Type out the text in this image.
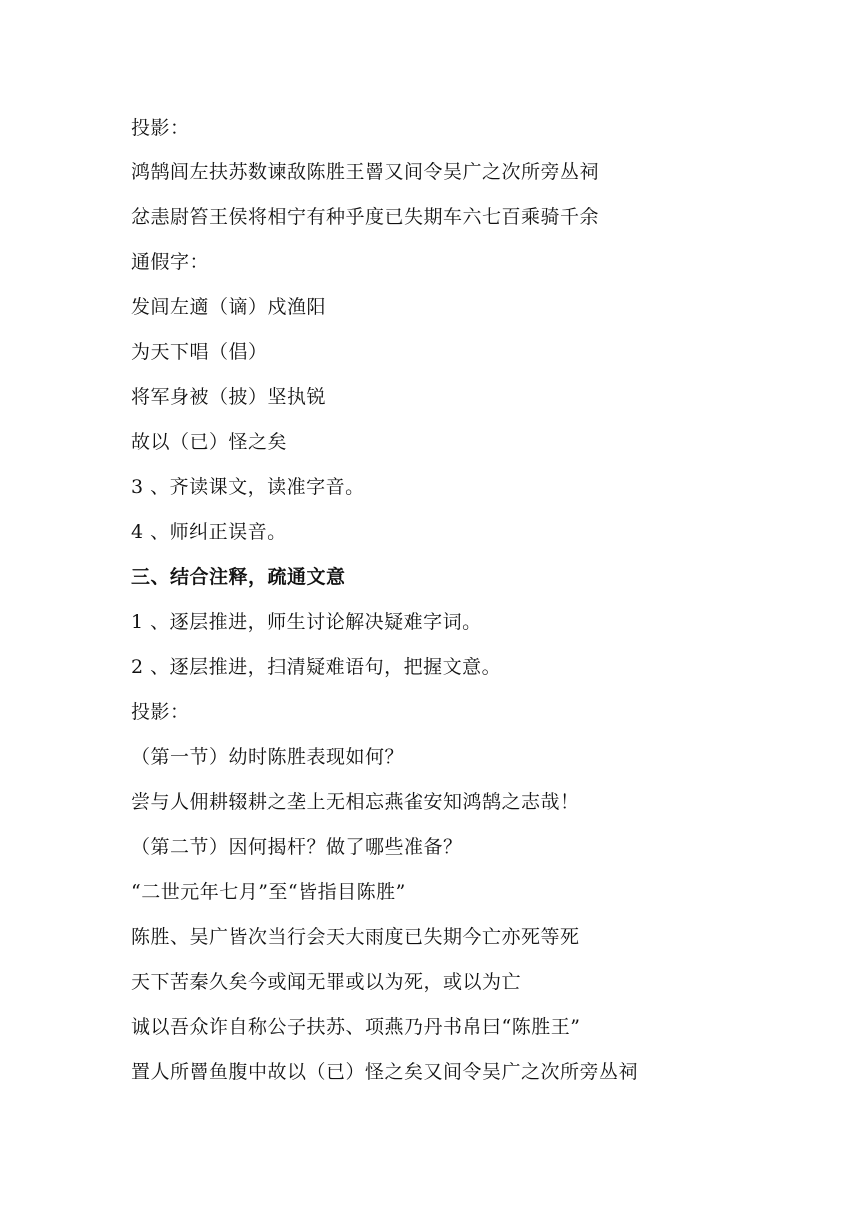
投影：
鸿鹄闾左扶苏数谏敌陈胜王罾又间令吴广之次所旁丛祠
忿恚尉笞王侯将相宁有种乎度已失期车六七百乘骑千余
通假字：
发闾左適（谪）戍渔阳
为天下唱（倡）
将军身被（披）坚执锐
故以（已）怪之矣
3 、齐读课文，读准字音。
4 、师纠正误音。
三、结合注释，疏通文意
1 、逐层推进，师生讨论解决疑难字词。
2 、逐层推进，扫清疑难语句，把握文意。
投影：
（第一节）幼时陈胜表现如何？
尝与人佣耕辍耕之垄上无相忘燕雀安知鸿鹄之志哉！
（第二节）因何揭杆？做了哪些准备？
“二世元年七月”至“皆指目陈胜”
陈胜、吴广皆次当行会天大雨度已失期今亡亦死等死
天下苦秦久矣今或闻无罪或以为死，或以为亡
诚以吾众诈自称公子扶苏、项燕乃丹书帛曰“陈胜王”
置人所罾鱼腹中故以（已）怪之矣又间令吴广之次所旁丛祠
